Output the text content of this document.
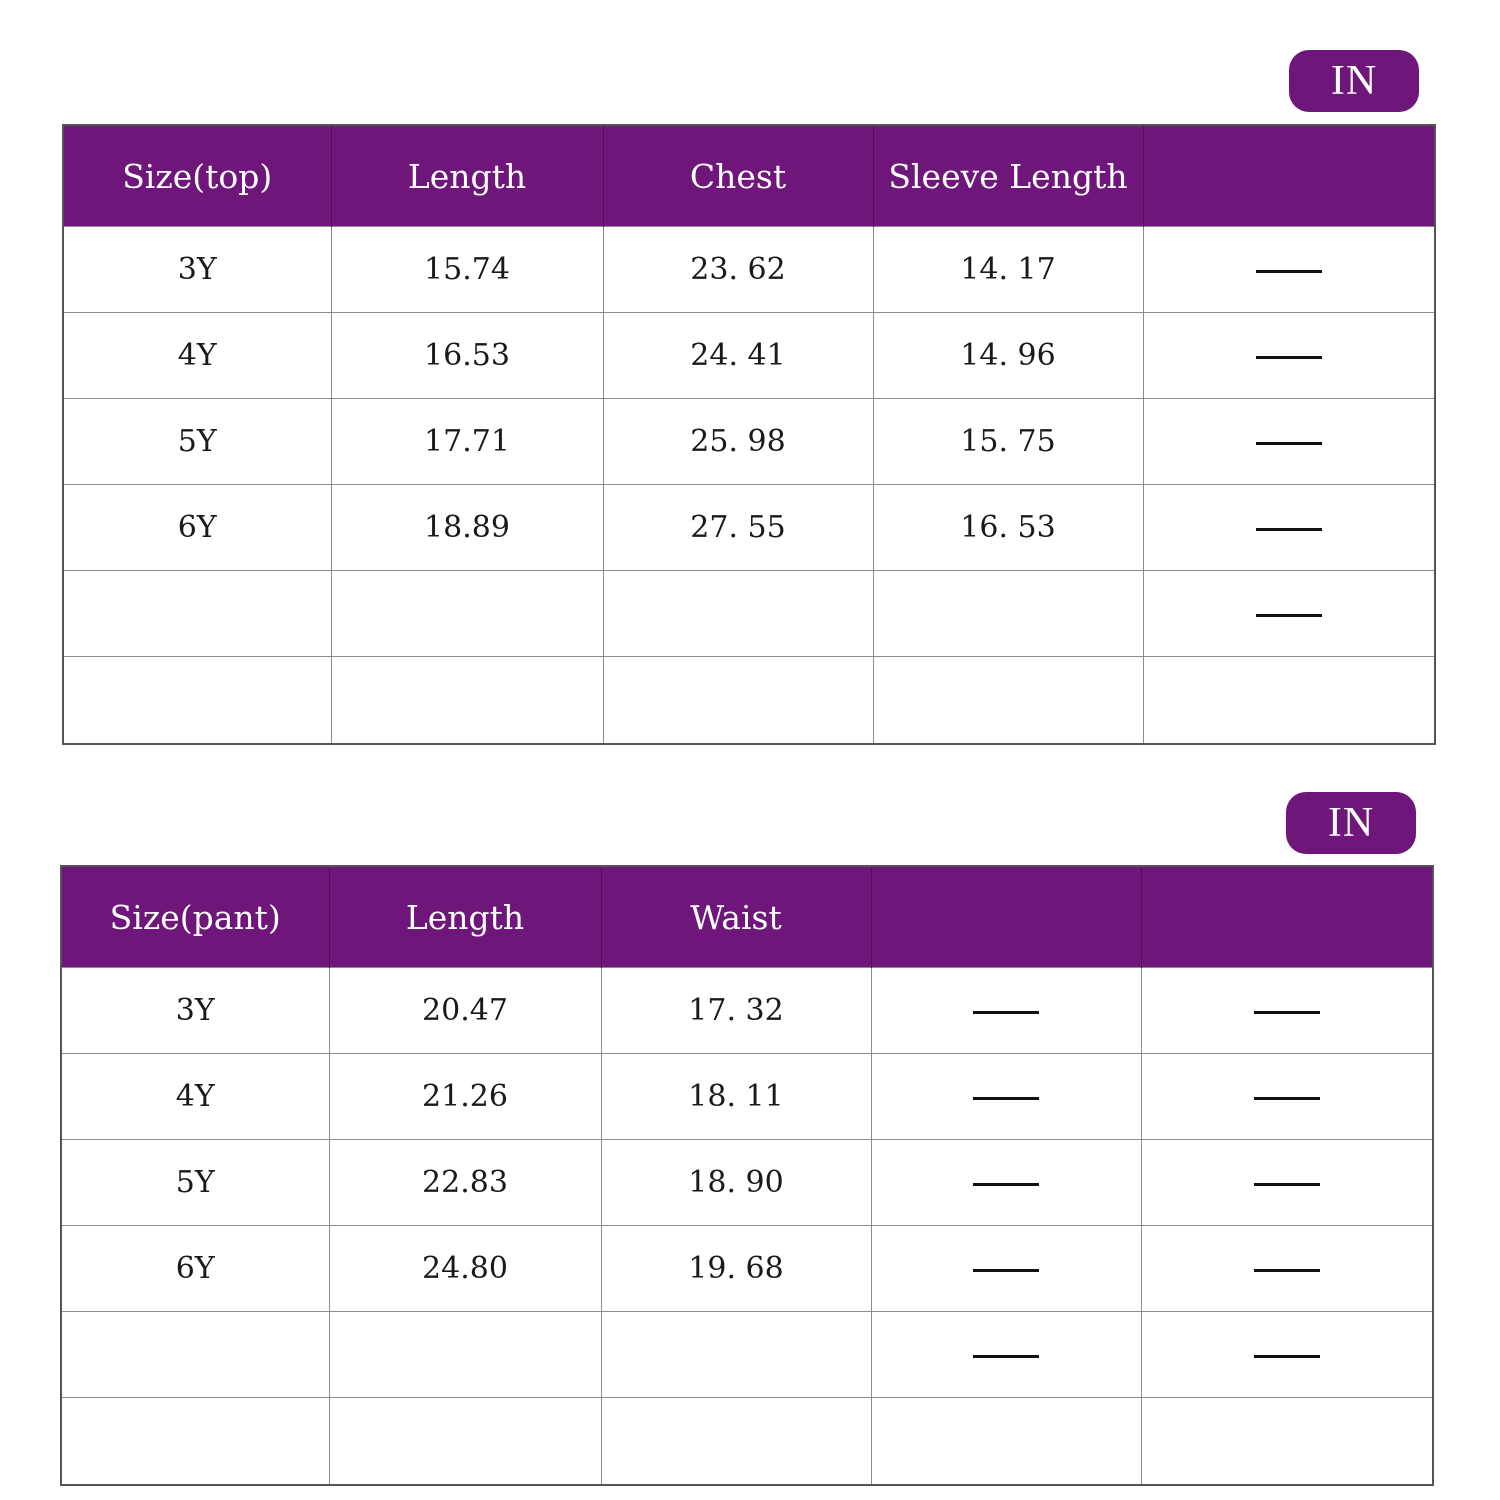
IN
Size(top)	Length	Chest	Sleeve Length	
3Y	15.74	23. 62	14. 17	
4Y	16.53	24. 41	14. 96	
5Y	17.71	25. 98	15. 75	
6Y	18.89	27. 55	16. 53	

IN
Size(pant)	Length	Waist		
3Y	20.47	17. 32		
4Y	21.26	18. 11		
5Y	22.83	18. 90		
6Y	24.80	19. 68		
